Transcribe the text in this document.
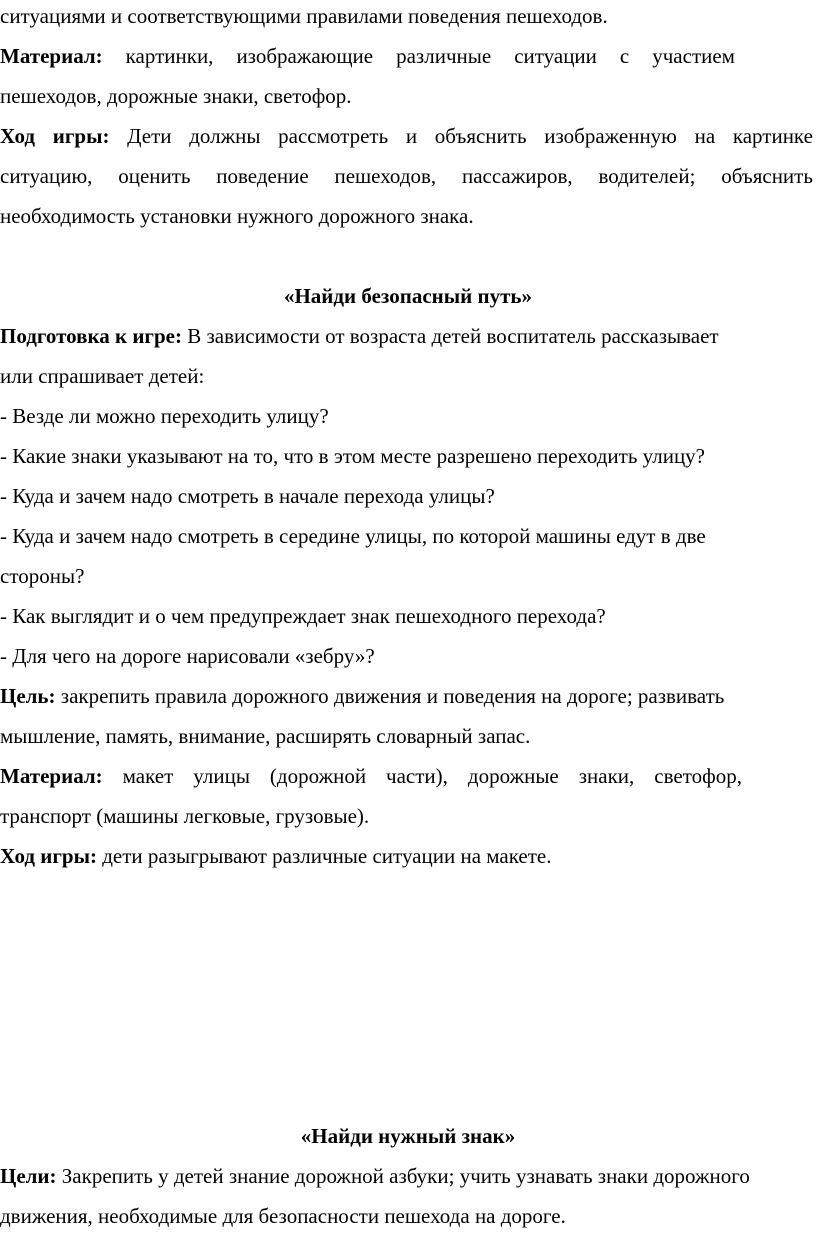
ситуациями и соответствующими правилами поведения пешеходов.
Материал: картинки, изображающие различные ситуации с участием
пешеходов, дорожные знаки, светофор.
Ход игры: Дети должны рассмотреть и объяснить изображенную на картинке
ситуацию, оценить поведение пешеходов, пассажиров, водителей; объяснить
необходимость установки нужного дорожного знака.
«Найди безопасный путь»
Подготовка к игре: В зависимости от возраста детей воспитатель рассказывает
или спрашивает детей:
- Везде ли можно переходить улицу?
- Какие знаки указывают на то, что в этом месте разрешено переходить улицу?
- Куда и зачем надо смотреть в начале перехода улицы?
- Куда и зачем надо смотреть в середине улицы, по которой машины едут в две
стороны?
- Как выглядит и о чем предупреждает знак пешеходного перехода?
- Для чего на дороге нарисовали «зебру»?
Цель: закрепить правила дорожного движения и поведения на дороге; развивать
мышление, память, внимание, расширять словарный запас.
Материал: макет улицы (дорожной части), дорожные знаки, светофор,
транспорт (машины легковые, грузовые).
Ход игры: дети разыгрывают различные ситуации на макете.
«Найди нужный знак»
Цели: Закрепить у детей знание дорожной азбуки; учить узнавать знаки дорожного
движения, необходимые для безопасности пешехода на дороге.
